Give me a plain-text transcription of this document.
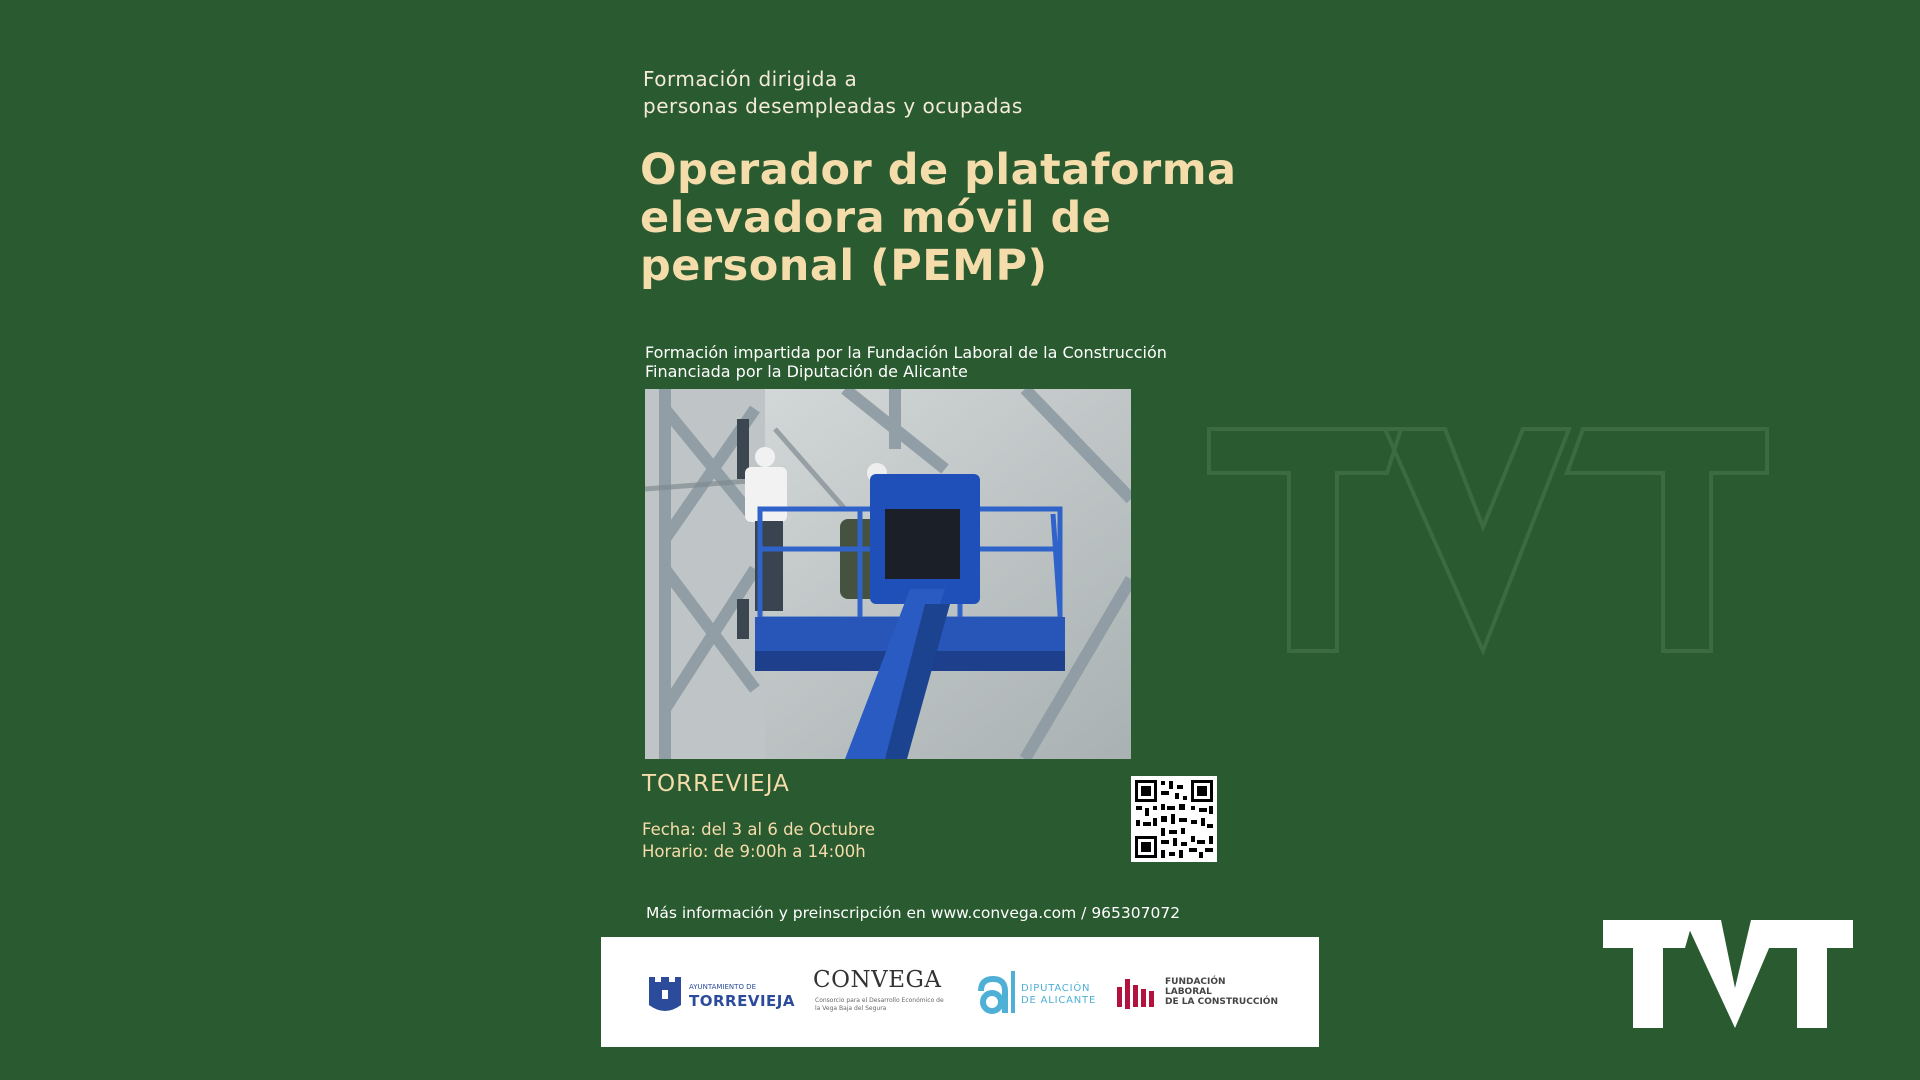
Formación dirigida a
personas desempleadas y ocupadas
Operador de plataforma
elevadora móvil de
personal (PEMP)
Formación impartida por la Fundación Laboral de la Construcción
Financiada por la Diputación de Alicante
TORREVIEJA
Fecha: del 3 al 6 de Octubre
Horario: de 9:00h a 14:00h
Más información y preinscripción en www.convega.com / 965307072
AYUNTAMIENTO DE
TORREVIEJA
CONVEGA
Consorcio para el Desarrollo Económico de la Vega Baja del Segura
DIPUTACIÓN
DE ALICANTE
FUNDACIÓN
LABORAL
DE LA CONSTRUCCIÓN
